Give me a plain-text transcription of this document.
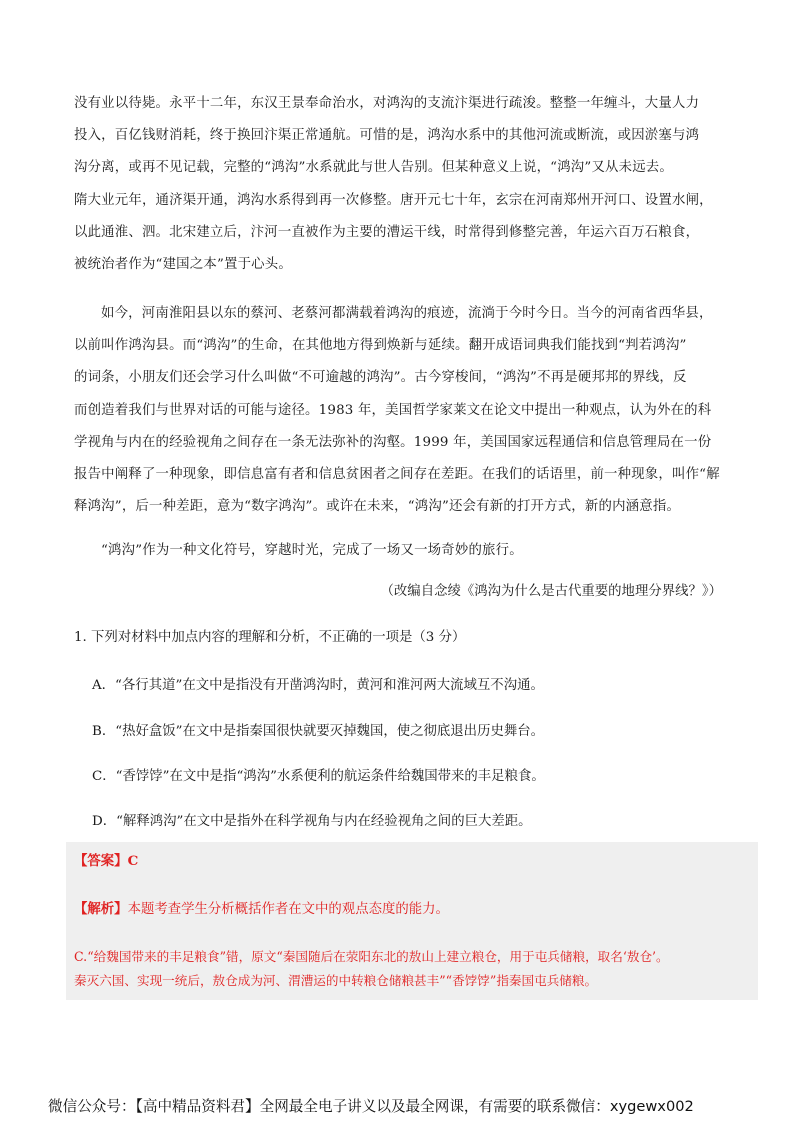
没有业以待毙。永平十二年，东汉王景奉命治水，对鸿沟的支流汴渠进行疏浚。整整一年缠斗，大量人力
投入，百亿钱财消耗，终于换回汴渠正常通航。可惜的是，鸿沟水系中的其他河流或断流，或因淤塞与鸿
沟分离，或再不见记载，完整的“鸿沟”水系就此与世人告别。但某种意义上说，“鸿沟”又从未远去。
隋大业元年，通济渠开通，鸿沟水系得到再一次修整。唐开元七十年，玄宗在河南郑州开河口、设置水闸，
以此通淮、泗。北宋建立后，汴河一直被作为主要的漕运干线，时常得到修整完善，年运六百万石粮食，
被统治者作为“建国之本”置于心头。
如今，河南淮阳县以东的蔡河、老蔡河都满载着鸿沟的痕迹，流淌于今时今日。当今的河南省西华县，
以前叫作鸿沟县。而“鸿沟”的生命，在其他地方得到焕新与延续。翻开成语词典我们能找到“判若鸿沟”
的词条，小朋友们还会学习什么叫做“不可逾越的鸿沟”。古今穿梭间，“鸿沟”不再是硬邦邦的界线，反
而创造着我们与世界对话的可能与途径。1983 年，美国哲学家莱文在论文中提出一种观点，认为外在的科
学视角与内在的经验视角之间存在一条无法弥补的沟壑。1999 年，美国国家远程通信和信息管理局在一份
报告中阐释了一种现象，即信息富有者和信息贫困者之间存在差距。在我们的话语里，前一种现象，叫作“解
释鸿沟”，后一种差距，意为“数字鸿沟”。或许在未来，“鸿沟”还会有新的打开方式，新的内涵意指。
“鸿沟”作为一种文化符号，穿越时光，完成了一场又一场奇妙的旅行。
（改编自念绫《鸿沟为什么是古代重要的地理分界线？》）
1. 下列对材料中加点内容的理解和分析，不正确的一项是（3 分）
A．“各行其道”在文中是指没有开凿鸿沟时，黄河和淮河两大流域互不沟通。
B．“热好盒饭”在文中是指秦国很快就要灭掉魏国，使之彻底退出历史舞台。
C．“香饽饽”在文中是指“鸿沟”水系便利的航运条件给魏国带来的丰足粮食。
D．“解释鸿沟”在文中是指外在科学视角与内在经验视角之间的巨大差距。
【答案】C
【解析】本题考查学生分析概括作者在文中的观点态度的能力。
C.“给魏国带来的丰足粮食”错，原文“秦国随后在荥阳东北的敖山上建立粮仓，用于屯兵储粮，取名‘敖仓’。
秦灭六国、实现一统后，敖仓成为河、渭漕运的中转粮仓储粮甚丰”“香饽饽”指秦国屯兵储粮。
微信公众号：【高中精品资料君】全网最全电子讲义以及最全网课，有需要的联系微信：xygewx002
